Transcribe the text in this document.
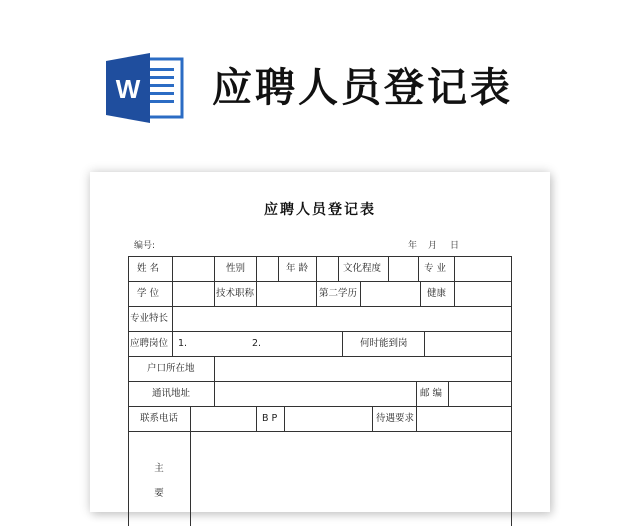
W 应聘人员登记表
应聘人员登记表
编号:	年 月 日
姓 名	性别	年 龄	文化程度	专 业
学 位	技术职称	第二学历	健康
专业特长
应聘岗位 1.	2.	何时能到岗
户口所在地
通讯地址	邮 编
联系电话	B P	待遇要求
主
要
